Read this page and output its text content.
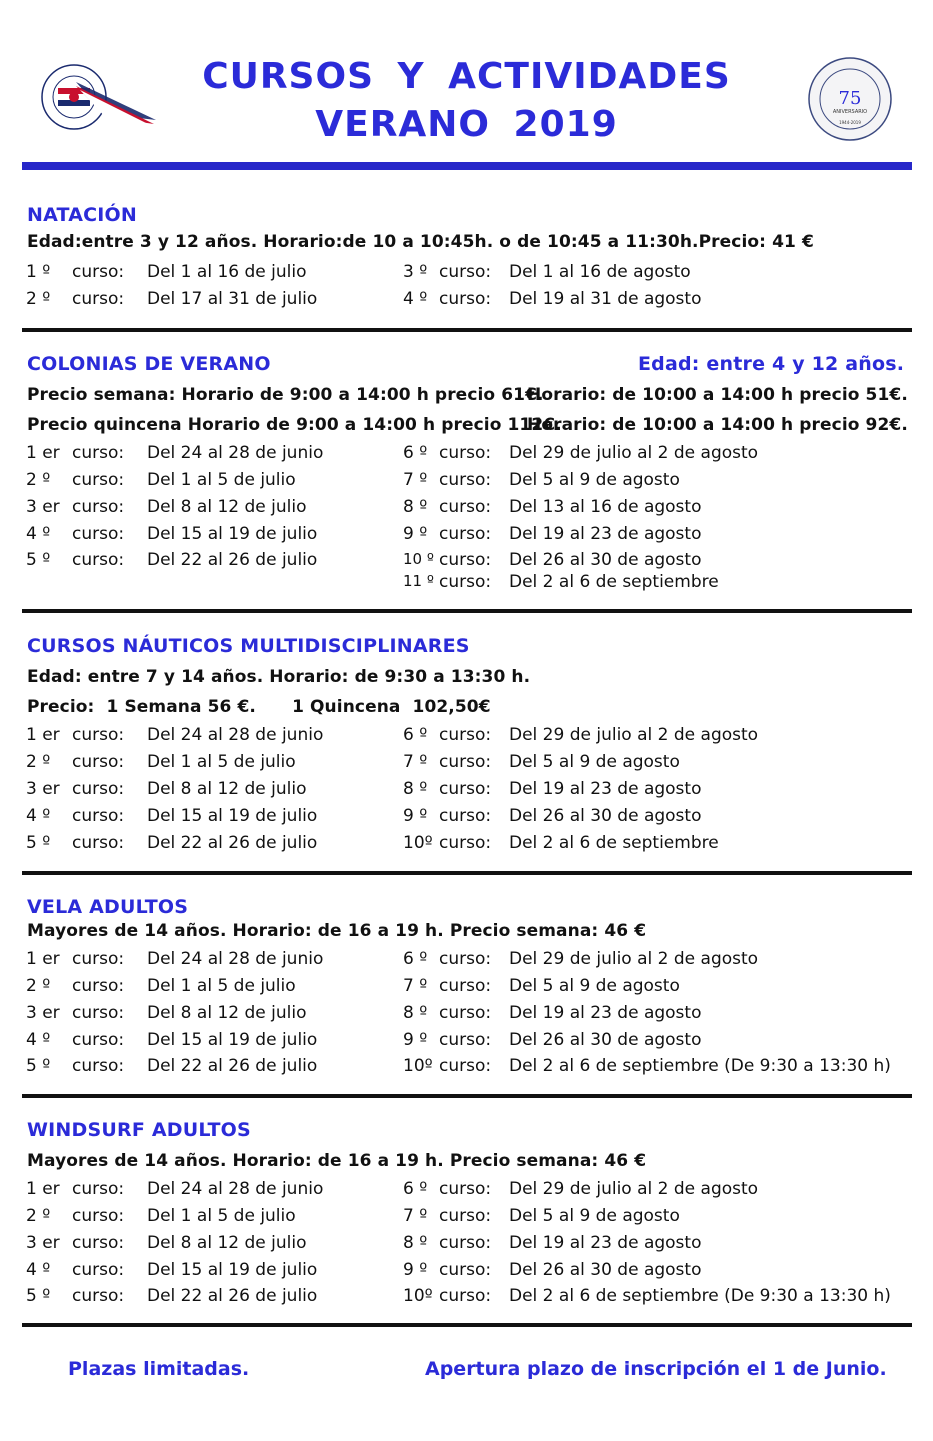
75
ANIVERSARIO
1944-2019
CURSOS Y ACTIVIDADES
VERANO 2019
NATACIÓN
Edad:entre 3 y 12 años. Horario:de 10 a 10:45h. o de 10:45 a 11:30h.Precio: 41 €
1 º curso: Del 1 al 16 de julio	3 º curso: Del 1 al 16 de agosto
2 º curso: Del 17 al 31 de julio	4 º curso: Del 19 al 31 de agosto
COLONIAS DE VERANO	Edad: entre 4 y 12 años.
Precio semana: Horario de 9:00 a 14:00 h precio 61€.
Horario: de 10:00 a 14:00 h precio 51€.
Precio quincena Horario de 9:00 a 14:00 h precio 112€.
Horario: de 10:00 a 14:00 h precio 92€.
1 er curso: Del 24 al 28 de junio	6 º curso: Del 29 de julio al 2 de agosto
2 º curso: Del 1 al 5 de julio	7 º curso: Del 5 al 9 de agosto
3 er curso: Del 8 al 12 de julio	8 º curso: Del 13 al 16 de agosto
4 º curso: Del 15 al 19 de julio	9 º curso: Del 19 al 23 de agosto
5 º curso: Del 22 al 26 de julio	10 º curso: Del 26 al 30 de agosto
11 º curso: Del 2 al 6 de septiembre
CURSOS NÁUTICOS MULTIDISCIPLINARES
Edad: entre 7 y 14 años. Horario: de 9:30 a 13:30 h.
Precio:  1 Semana 56 €.      1 Quincena  102,50€
1 er curso: Del 24 al 28 de junio	6 º curso: Del 29 de julio al 2 de agosto
2 º curso: Del 1 al 5 de julio	7 º curso: Del 5 al 9 de agosto
3 er curso: Del 8 al 12 de julio	8 º curso: Del 19 al 23 de agosto
4 º curso: Del 15 al 19 de julio	9 º curso: Del 26 al 30 de agosto
5 º curso: Del 22 al 26 de julio	10º curso: Del 2 al 6 de septiembre
VELA ADULTOS
Mayores de 14 años. Horario: de 16 a 19 h. Precio semana: 46 €
1 er curso: Del 24 al 28 de junio	6 º curso: Del 29 de julio al 2 de agosto
2 º curso: Del 1 al 5 de julio	7 º curso: Del 5 al 9 de agosto
3 er curso: Del 8 al 12 de julio	8 º curso: Del 19 al 23 de agosto
4 º curso: Del 15 al 19 de julio	9 º curso: Del 26 al 30 de agosto
5 º curso: Del 22 al 26 de julio	10º curso: Del 2 al 6 de septiembre (De 9:30 a 13:30 h)
WINDSURF ADULTOS
Mayores de 14 años. Horario: de 16 a 19 h. Precio semana: 46 €
1 er curso: Del 24 al 28 de junio	6 º curso: Del 29 de julio al 2 de agosto
2 º curso: Del 1 al 5 de julio	7 º curso: Del 5 al 9 de agosto
3 er curso: Del 8 al 12 de julio	8 º curso: Del 19 al 23 de agosto
4 º curso: Del 15 al 19 de julio	9 º curso: Del 26 al 30 de agosto
5 º curso: Del 22 al 26 de julio	10º curso: Del 2 al 6 de septiembre (De 9:30 a 13:30 h)
Plazas limitadas.	Apertura plazo de inscripción el 1 de Junio.
